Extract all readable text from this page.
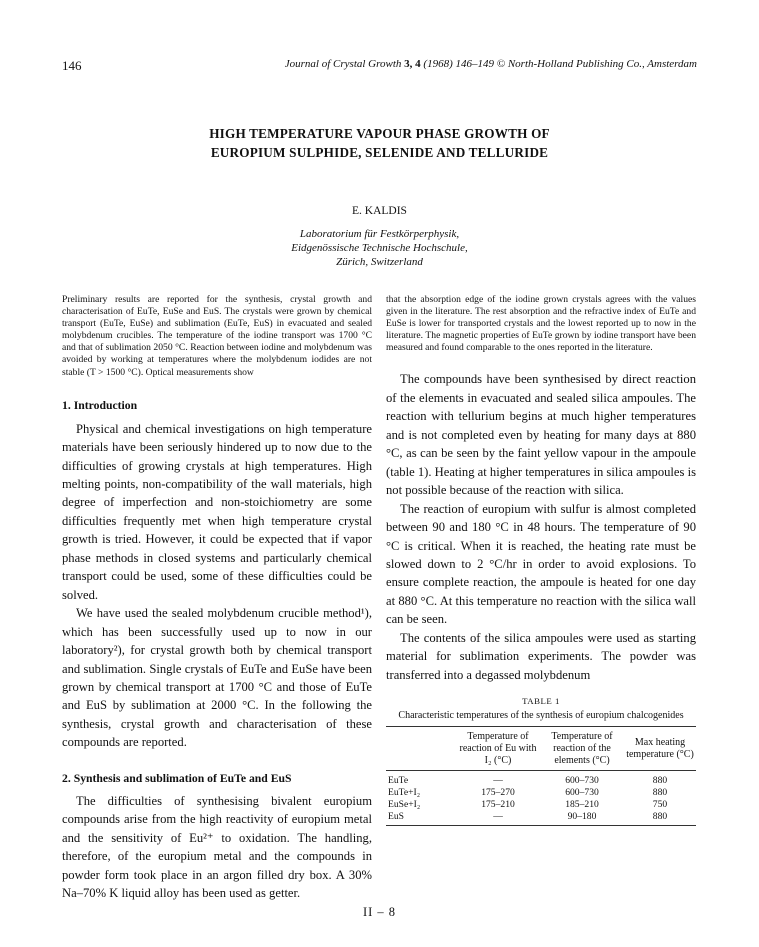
146	Journal of Crystal Growth 3, 4 (1968) 146–149 © North-Holland Publishing Co., Amsterdam
HIGH TEMPERATURE VAPOUR PHASE GROWTH OF
EUROPIUM SULPHIDE, SELENIDE AND TELLURIDE
E. KALDIS
Laboratorium für Festkörperphysik,
Eidgenössische Technische Hochschule,
Zürich, Switzerland

Preliminary results are reported for the synthesis, crystal growth and characterisation of EuTe, EuSe and EuS. The crystals were grown by chemical transport (EuTe, EuSe) and sublimation (EuTe, EuS) in evacuated and sealed molybdenum crucibles. The temperature of the iodine transport was 1700 °C and that of sublimation 2050 °C. Reaction between iodine and molybdenum was avoided by working at temperatures where the molybdenum iodides are not stable (T > 1500 °C). Optical measurements show

1. Introduction

Physical and chemical investigations on high temperature materials have been seriously hindered up to now due to the difficulties of growing crystals at high temperatures. High melting points, non-compatibility of the wall materials, high degree of imperfection and non-stoichiometry are some difficulties frequently met when high temperature crystal growth is tried. However, it could be expected that if vapor phase methods in closed systems and particularly chemical transport could be used, some of these difficulties could be solved.

We have used the sealed molybdenum crucible method¹), which has been successfully used up to now in our laboratory²), for crystal growth both by chemical transport and sublimation. Single crystals of EuTe and EuSe have been grown by chemical transport at 1700 °C and those of EuTe and EuS by sublimation at 2000 °C. In the following the synthesis, crystal growth and characterisation of these compounds are reported.

2. Synthesis and sublimation of EuTe and EuS

The difficulties of synthesising bivalent europium compounds arise from the high reactivity of europium metal and the sensitivity of Eu²⁺ to oxidation. The handling, therefore, of the europium metal and the compounds in powder form took place in an argon filled dry box. A 30% Na–70% K liquid alloy has been used as getter.

that the absorption edge of the iodine grown crystals agrees with the values given in the literature. The rest absorption and the refractive index of EuTe and EuSe is lower for transported crystals and the lowest reported up to now in the literature. The magnetic properties of EuTe grown by iodine transport have been measured and found comparable to the ones reported in the literature.

The compounds have been synthesised by direct reaction of the elements in evacuated and sealed silica ampoules. The reaction with tellurium begins at much higher temperatures and is not completed even by heating for many days at 880 °C, as can be seen by the faint yellow vapour in the ampoule (table 1). Heating at higher temperatures in silica ampoules is not possible because of the reaction with silica.

The reaction of europium with sulfur is almost completed between 90 and 180 °C in 48 hours. The temperature of 90 °C is critical. When it is reached, the heating rate must be slowed down to 2 °C/hr in order to avoid explosions. To ensure complete reaction, the ampoule is heated for one day at 880 °C. At this temperature no reaction with the silica wall can be seen.

The contents of the silica ampoules were used as starting material for sublimation experiments. The powder was transferred into a degassed molybdenum

TABLE 1
Characteristic temperatures of the synthesis of europium chalcogenides
	Temperature of reaction of Eu with I₂ (°C)	Temperature of reaction of the elements (°C)	Max heating temperature (°C)
EuTe	—	600–730	880
EuTe+I₂	175–270	600–730	880
EuSe+I₂	175–210	185–210	750
EuS	—	90–180	880
II – 8
